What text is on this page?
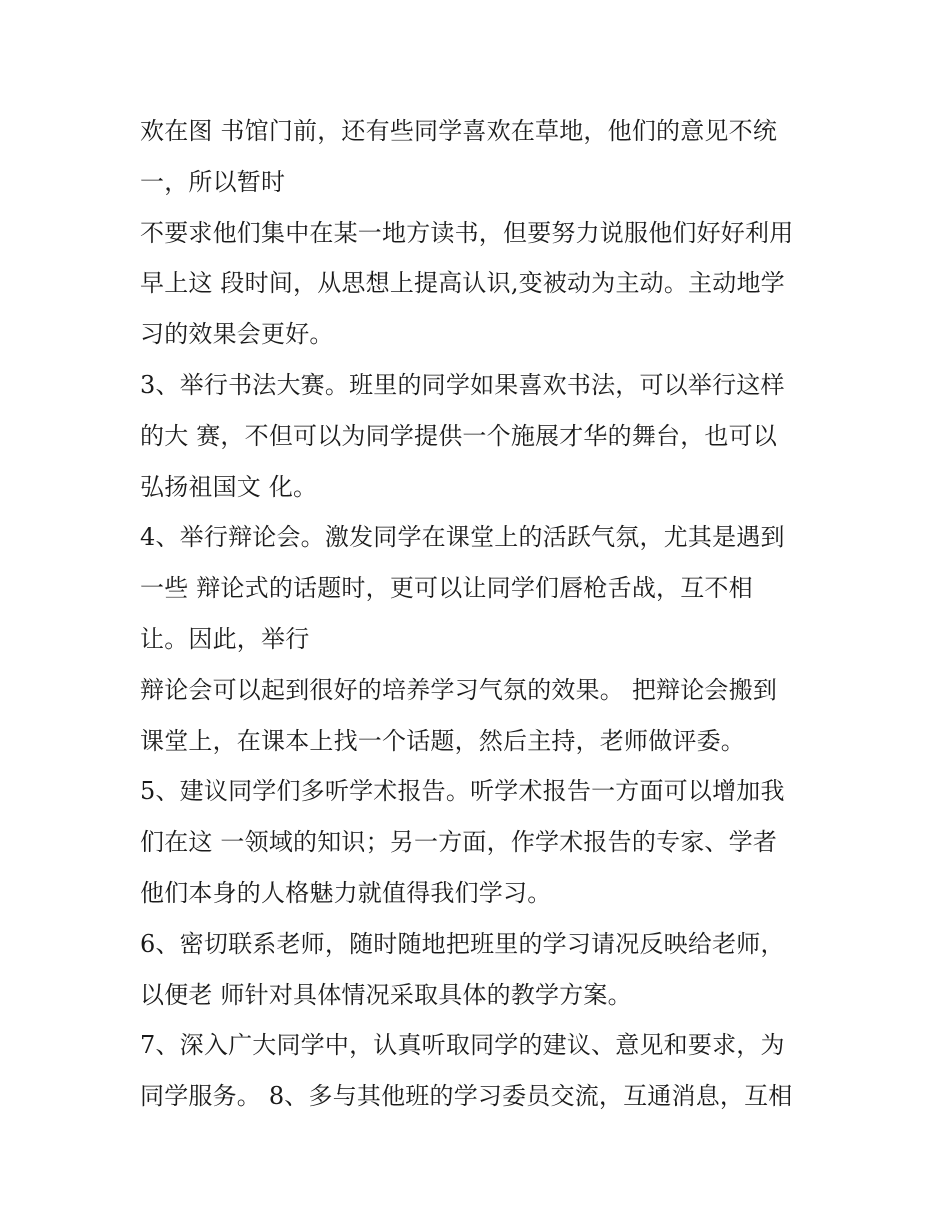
欢在图 书馆门前，还有些同学喜欢在草地，他们的意见不统
一，所以暂时
不要求他们集中在某一地方读书，但要努力说服他们好好利用
早上这 段时间，从思想上提高认识,变被动为主动。主动地学
习的效果会更好。
3、举行书法大赛。班里的同学如果喜欢书法，可以举行这样
的大 赛，不但可以为同学提供一个施展才华的舞台，也可以
弘扬祖国文 化。
4、举行辩论会。激发同学在课堂上的活跃气氛，尤其是遇到
一些 辩论式的话题时，更可以让同学们唇枪舌战，互不相
让。因此，举行
辩论会可以起到很好的培养学习气氛的效果。 把辩论会搬到
课堂上，在课本上找一个话题，然后主持，老师做评委。
5、建议同学们多听学术报告。听学术报告一方面可以增加我
们在这 一领域的知识；另一方面，作学术报告的专家、学者
他们本身的人格魅力就值得我们学习。
6、密切联系老师，随时随地把班里的学习请况反映给老师，
以便老 师针对具体情况采取具体的教学方案。
7、深入广大同学中，认真听取同学的建议、意见和要求，为
同学服务。 8、多与其他班的学习委员交流，互通消息，互相
